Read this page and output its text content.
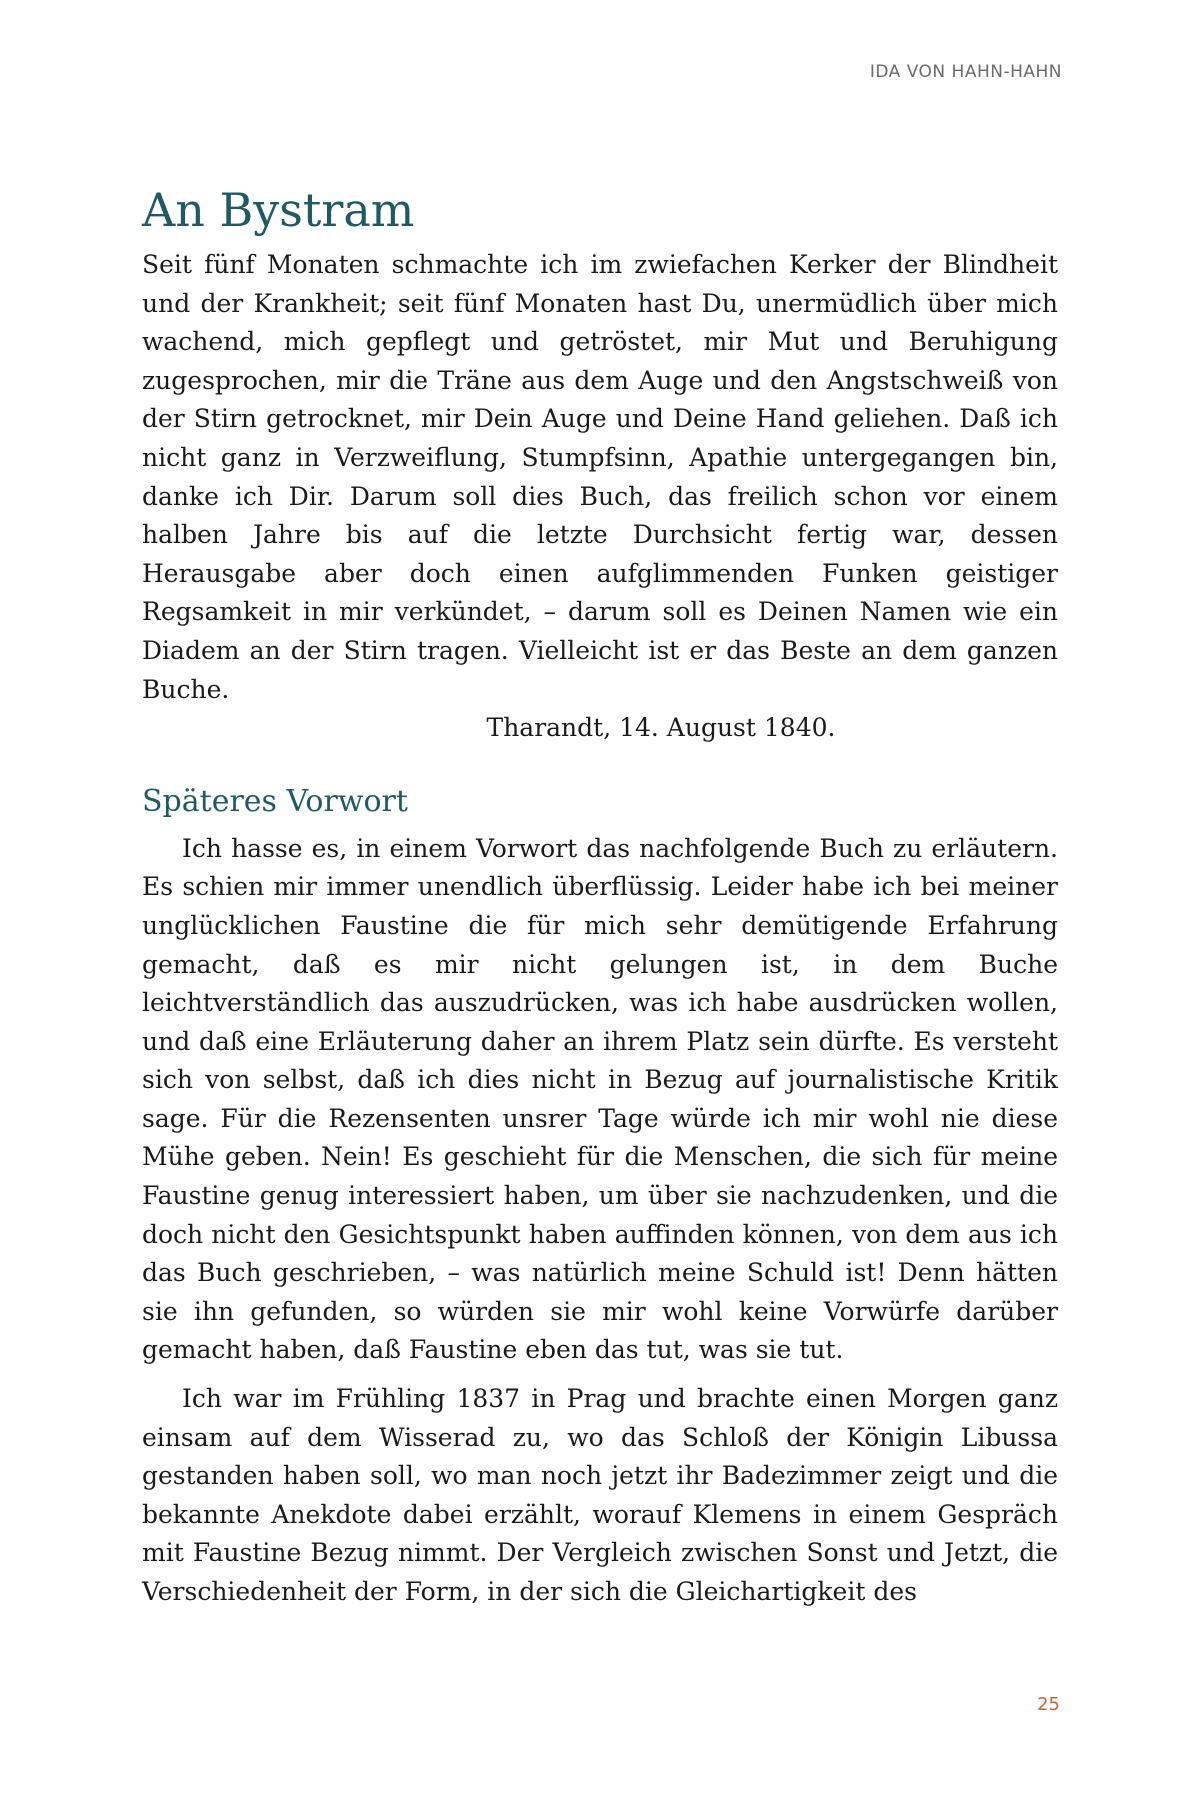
IDA VON HAHN-HAHN
An Bystram

Seit fünf Monaten schmachte ich im zwiefachen Kerker der Blindheit und der Krankheit; seit fünf Monaten hast Du, unermüdlich über mich wachend, mich gepflegt und getröstet, mir Mut und Beruhigung zugesprochen, mir die Träne aus dem Auge und den Angstschweiß von der Stirn getrocknet, mir Dein Auge und Deine Hand geliehen. Daß ich nicht ganz in Verzweiflung, Stumpfsinn, Apathie untergegangen bin, danke ich Dir. Darum soll dies Buch, das freilich schon vor einem halben Jahre bis auf die letzte Durchsicht fertig war, dessen Herausgabe aber doch einen aufglimmenden Funken geistiger Regsamkeit in mir verkündet, – darum soll es Deinen Namen wie ein Diadem an der Stirn tragen. Vielleicht ist er das Beste an dem ganzen Buche.

Tharandt, 14. August 1840.

Späteres Vorwort

Ich hasse es, in einem Vorwort das nachfolgende Buch zu erläutern. Es schien mir immer unendlich überflüssig. Leider habe ich bei meiner unglücklichen Faustine die für mich sehr demütigende Erfahrung gemacht, daß es mir nicht gelungen ist, in dem Buche leichtverständlich das auszudrücken, was ich habe ausdrücken wollen, und daß eine Erläuterung daher an ihrem Platz sein dürfte. Es versteht sich von selbst, daß ich dies nicht in Bezug auf journalistische Kritik sage. Für die Rezensenten unsrer Tage würde ich mir wohl nie diese Mühe geben. Nein! Es geschieht für die Menschen, die sich für meine Faustine genug interessiert haben, um über sie nachzudenken, und die doch nicht den Gesichtspunkt haben auffinden können, von dem aus ich das Buch geschrieben, – was natürlich meine Schuld ist! Denn hätten sie ihn gefunden, so würden sie mir wohl keine Vorwürfe darüber gemacht haben, daß Faustine eben das tut, was sie tut.

Ich war im Frühling 1837 in Prag und brachte einen Morgen ganz einsam auf dem Wisserad zu, wo das Schloß der Königin Libussa gestanden haben soll, wo man noch jetzt ihr Badezimmer zeigt und die bekannte Anekdote dabei erzählt, worauf Klemens in einem Gespräch mit Faustine Bezug nimmt. Der Vergleich zwischen Sonst und Jetzt, die Verschiedenheit der Form, in der sich die Gleichartigkeit des

25
